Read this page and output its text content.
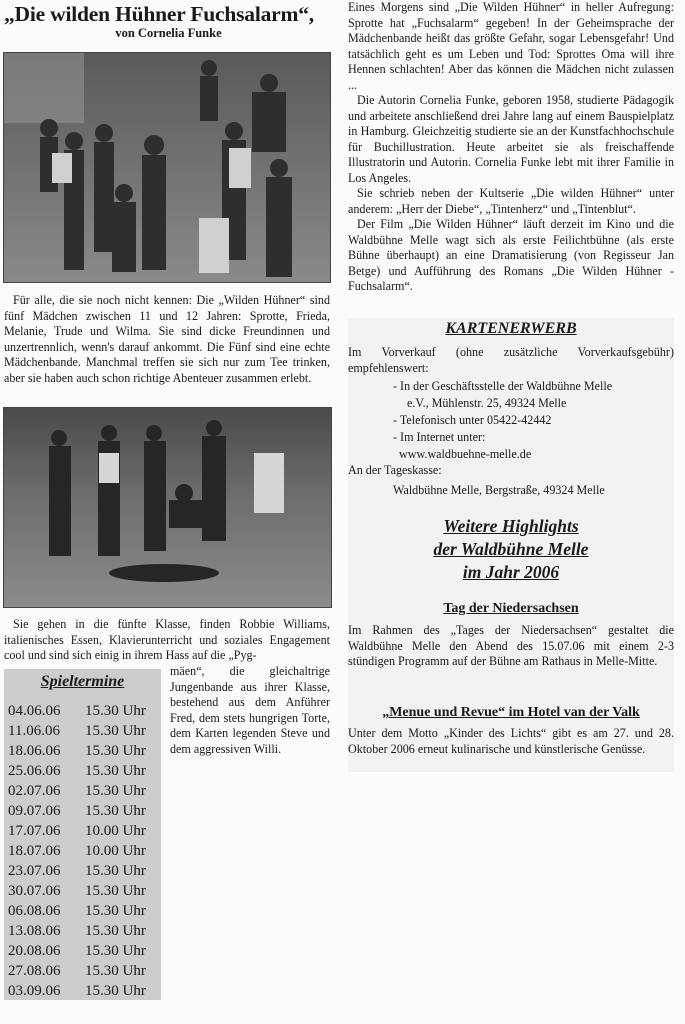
„Die wilden Hühner Fuchsalarm“,
von Cornelia Funke

Für alle, die sie noch nicht kennen: Die „Wilden Hühner“ sind fünf Mädchen zwischen 11 und 12 Jahren: Sprotte, Frieda, Melanie, Trude und Wilma. Sie sind dicke Freundinnen und unzertrennlich, wenn's darauf ankommt. Die Fünf sind eine echte Mädchenbande. Manchmal treffen sie sich nur zum Tee trinken, aber sie haben auch schon richtige Abenteuer zusammen erlebt.

Sie gehen in die fünfte Klasse, finden Robbie Williams, italienisches Essen, Klavierunterricht und soziales Engagement cool und sind sich einig in ihrem Hass auf die „Pyg-

mäen“, die gleichaltrige Jungenbande aus ihrer Klasse, bestehend aus dem Anführer Fred, dem stets hungrigen Torte, dem Karten legenden Steve und dem aggressiven Willi.

Spieltermine
04.06.06 15.30 Uhr
11.06.06 15.30 Uhr
18.06.06 15.30 Uhr
25.06.06 15.30 Uhr
02.07.06 15.30 Uhr
09.07.06 15.30 Uhr
17.07.06 10.00 Uhr
18.07.06 10.00 Uhr
23.07.06 15.30 Uhr
30.07.06 15.30 Uhr
06.08.06 15.30 Uhr
13.08.06 15.30 Uhr
20.08.06 15.30 Uhr
27.08.06 15.30 Uhr
03.09.06 15.30 Uhr

Eines Morgens sind „Die Wilden Hühner“ in heller Aufregung: Sprotte hat „Fuchsalarm“ gegeben! In der Geheimsprache der Mädchenbande heißt das größte Gefahr, sogar Lebensgefahr! Und tatsächlich geht es um Leben und Tod: Sprottes Oma will ihre Hennen schlachten! Aber das können die Mädchen nicht zulassen ...

Die Autorin Cornelia Funke, geboren 1958, studierte Pädagogik und arbeitete anschließend drei Jahre lang auf einem Bauspielplatz in Hamburg. Gleichzeitig studierte sie an der Kunstfachhochschule für Buchillustration. Heute arbeitet sie als freischaffende Illustratorin und Autorin. Cornelia Funke lebt mit ihrer Familie in Los Angeles.

Sie schrieb neben der Kultserie „Die wilden Hühner“ unter anderem: „Herr der Diebe“, „Tintenherz“ und „Tintenblut“.

Der Film „Die Wilden Hühner“ läuft derzeit im Kino und die Waldbühne Melle wagt sich als erste Feilichtbühne (als erste Bühne überhaupt) an eine Dramatisierung (von Regisseur Jan Betge) und Aufführung des Romans „Die Wilden Hühner - Fuchsalarm“.

KARTENERWERB

Im Vorverkauf (ohne zusätzliche Vorverkaufsgebühr) empfehlenswert:

- In der Geschäftsstelle der Waldbühne Melle
e.V., Mühlenstr. 25, 49324 Melle
- Telefonisch unter 05422-42442
- Im Internet unter:
www.waldbuehne-melle.de
An der Tageskasse:
Waldbühne Melle, Bergstraße, 49324 Melle
Weitere Highlights
der Waldbühne Melle
im Jahr 2006
Tag der Niedersachsen

Im Rahmen des „Tages der Niedersachsen“ gestaltet die Waldbühne Melle den Abend des 15.07.06 mit einem 2-3 stündigen Programm auf der Bühne am Rathaus in Melle-Mitte.

„Menue und Revue“ im Hotel van der Valk

Unter dem Motto „Kinder des Lichts“ gibt es am 27. und 28. Oktober 2006 erneut kulinarische und künstlerische Genüsse.
